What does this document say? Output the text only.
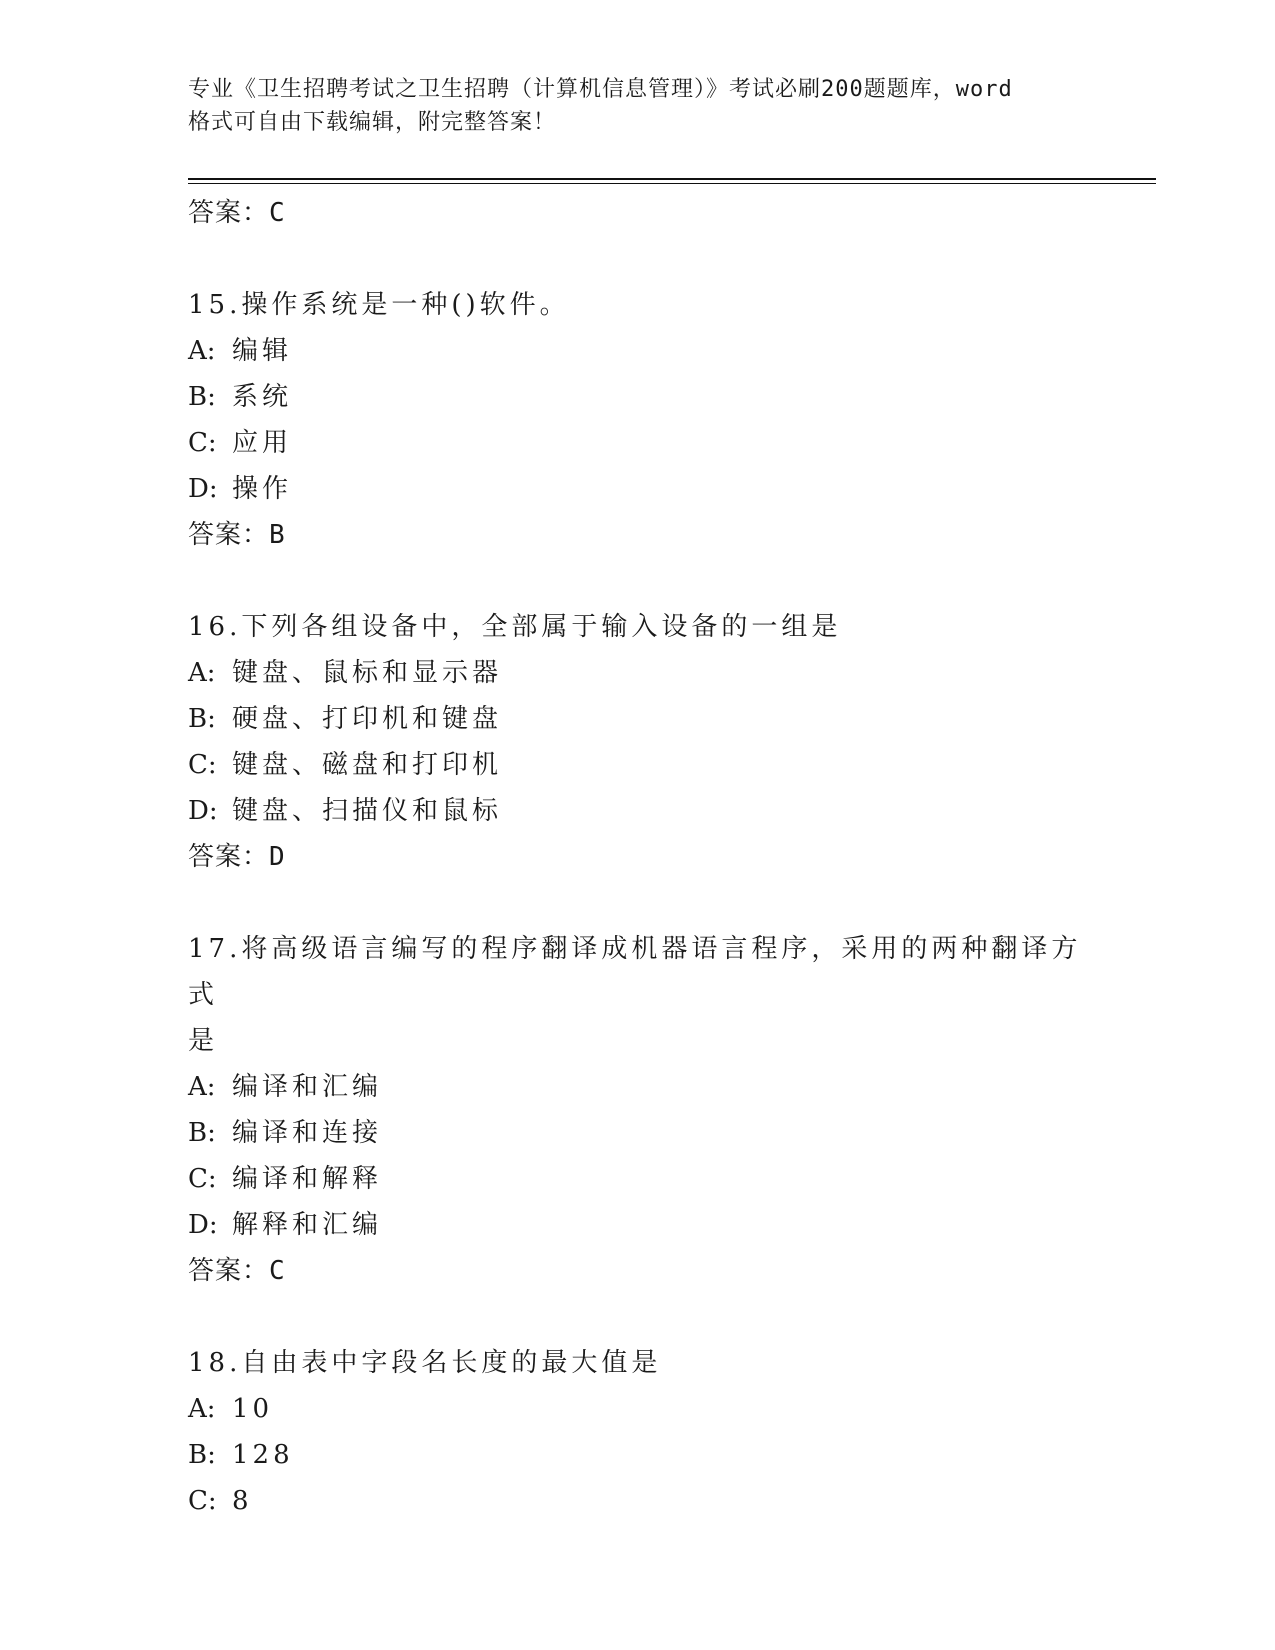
专业《卫生招聘考试之卫生招聘（计算机信息管理）》考试必刷200题题库，word
格式可自由下载编辑，附完整答案！
答案：C
15.操作系统是一种()软件。
A: 编辑
B: 系统
C: 应用
D: 操作
答案：B
16.下列各组设备中，全部属于输入设备的一组是
A: 键盘、鼠标和显示器
B: 硬盘、打印机和键盘
C: 键盘、磁盘和打印机
D: 键盘、扫描仪和鼠标
答案：D
17.将高级语言编写的程序翻译成机器语言程序，采用的两种翻译方式
是
A: 编译和汇编
B: 编译和连接
C: 编译和解释
D: 解释和汇编
答案：C
18.自由表中字段名长度的最大值是
A: 10
B: 128
C: 8
